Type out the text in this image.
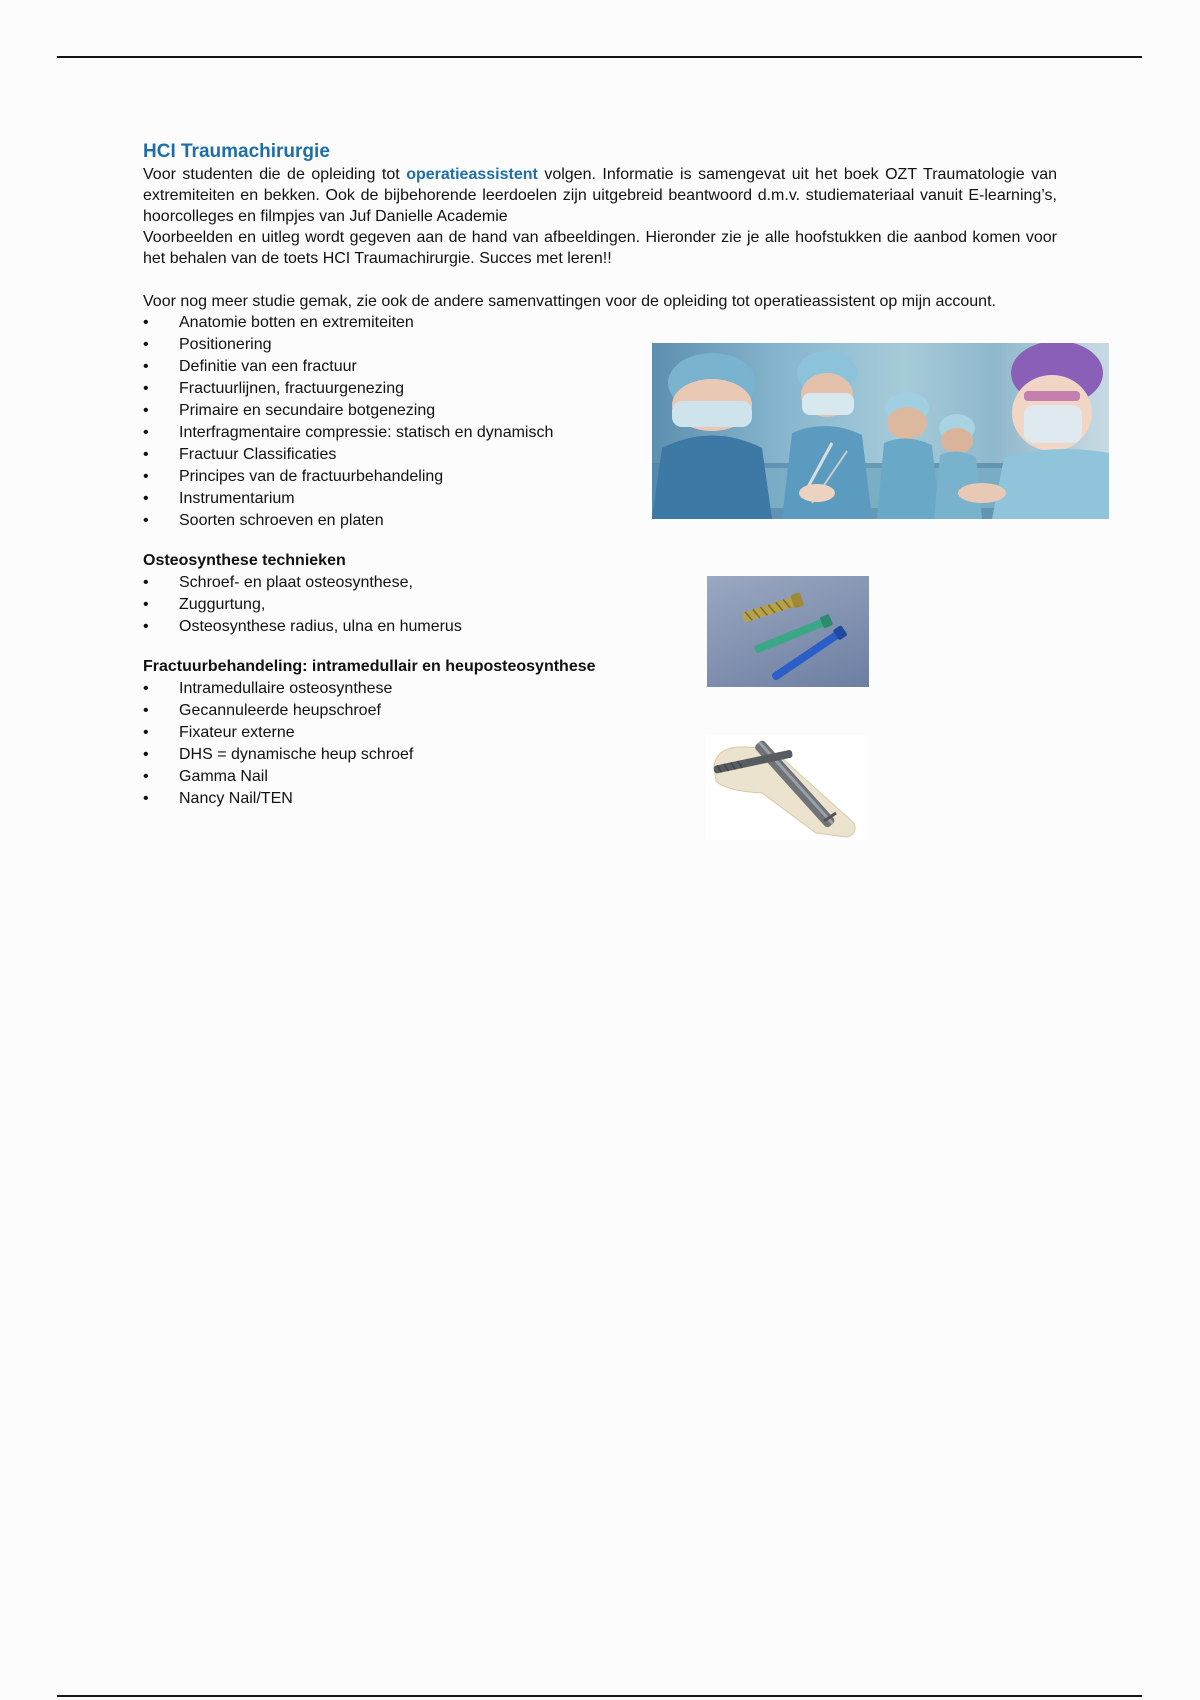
HCI Traumachirurgie

Voor studenten die de opleiding tot operatieassistent volgen. Informatie is samengevat uit het boek OZT Traumatologie van extremiteiten en bekken. Ook de bijbehorende leerdoelen zijn uitgebreid beantwoord d.m.v. studiemateriaal vanuit E-learning’s, hoorcolleges en filmpjes van Juf Danielle Academie

Voorbeelden en uitleg wordt gegeven aan de hand van afbeeldingen. Hieronder zie je alle hoofstukken die aanbod komen voor het behalen van de toets HCI Traumachirurgie. Succes met leren!!

Voor nog meer studie gemak, zie ook de andere samenvattingen voor de opleiding tot operatieassistent op mijn account.

• Anatomie botten en extremiteiten
• Positionering
• Definitie van een fractuur
• Fractuurlijnen, fractuurgenezing
• Primaire en secundaire botgenezing
• Interfragmentaire compressie: statisch en dynamisch
• Fractuur Classificaties
• Principes van de fractuurbehandeling
• Instrumentarium
• Soorten schroeven en platen
Osteosynthese technieken
• Schroef- en plaat osteosynthese,
• Zuggurtung,
• Osteosynthese radius, ulna en humerus
Fractuurbehandeling: intramedullair en heuposteosynthese
• Intramedullaire osteosynthese
• Gecannuleerde heupschroef
• Fixateur externe
• DHS = dynamische heup schroef
• Gamma Nail
• Nancy Nail/TEN
